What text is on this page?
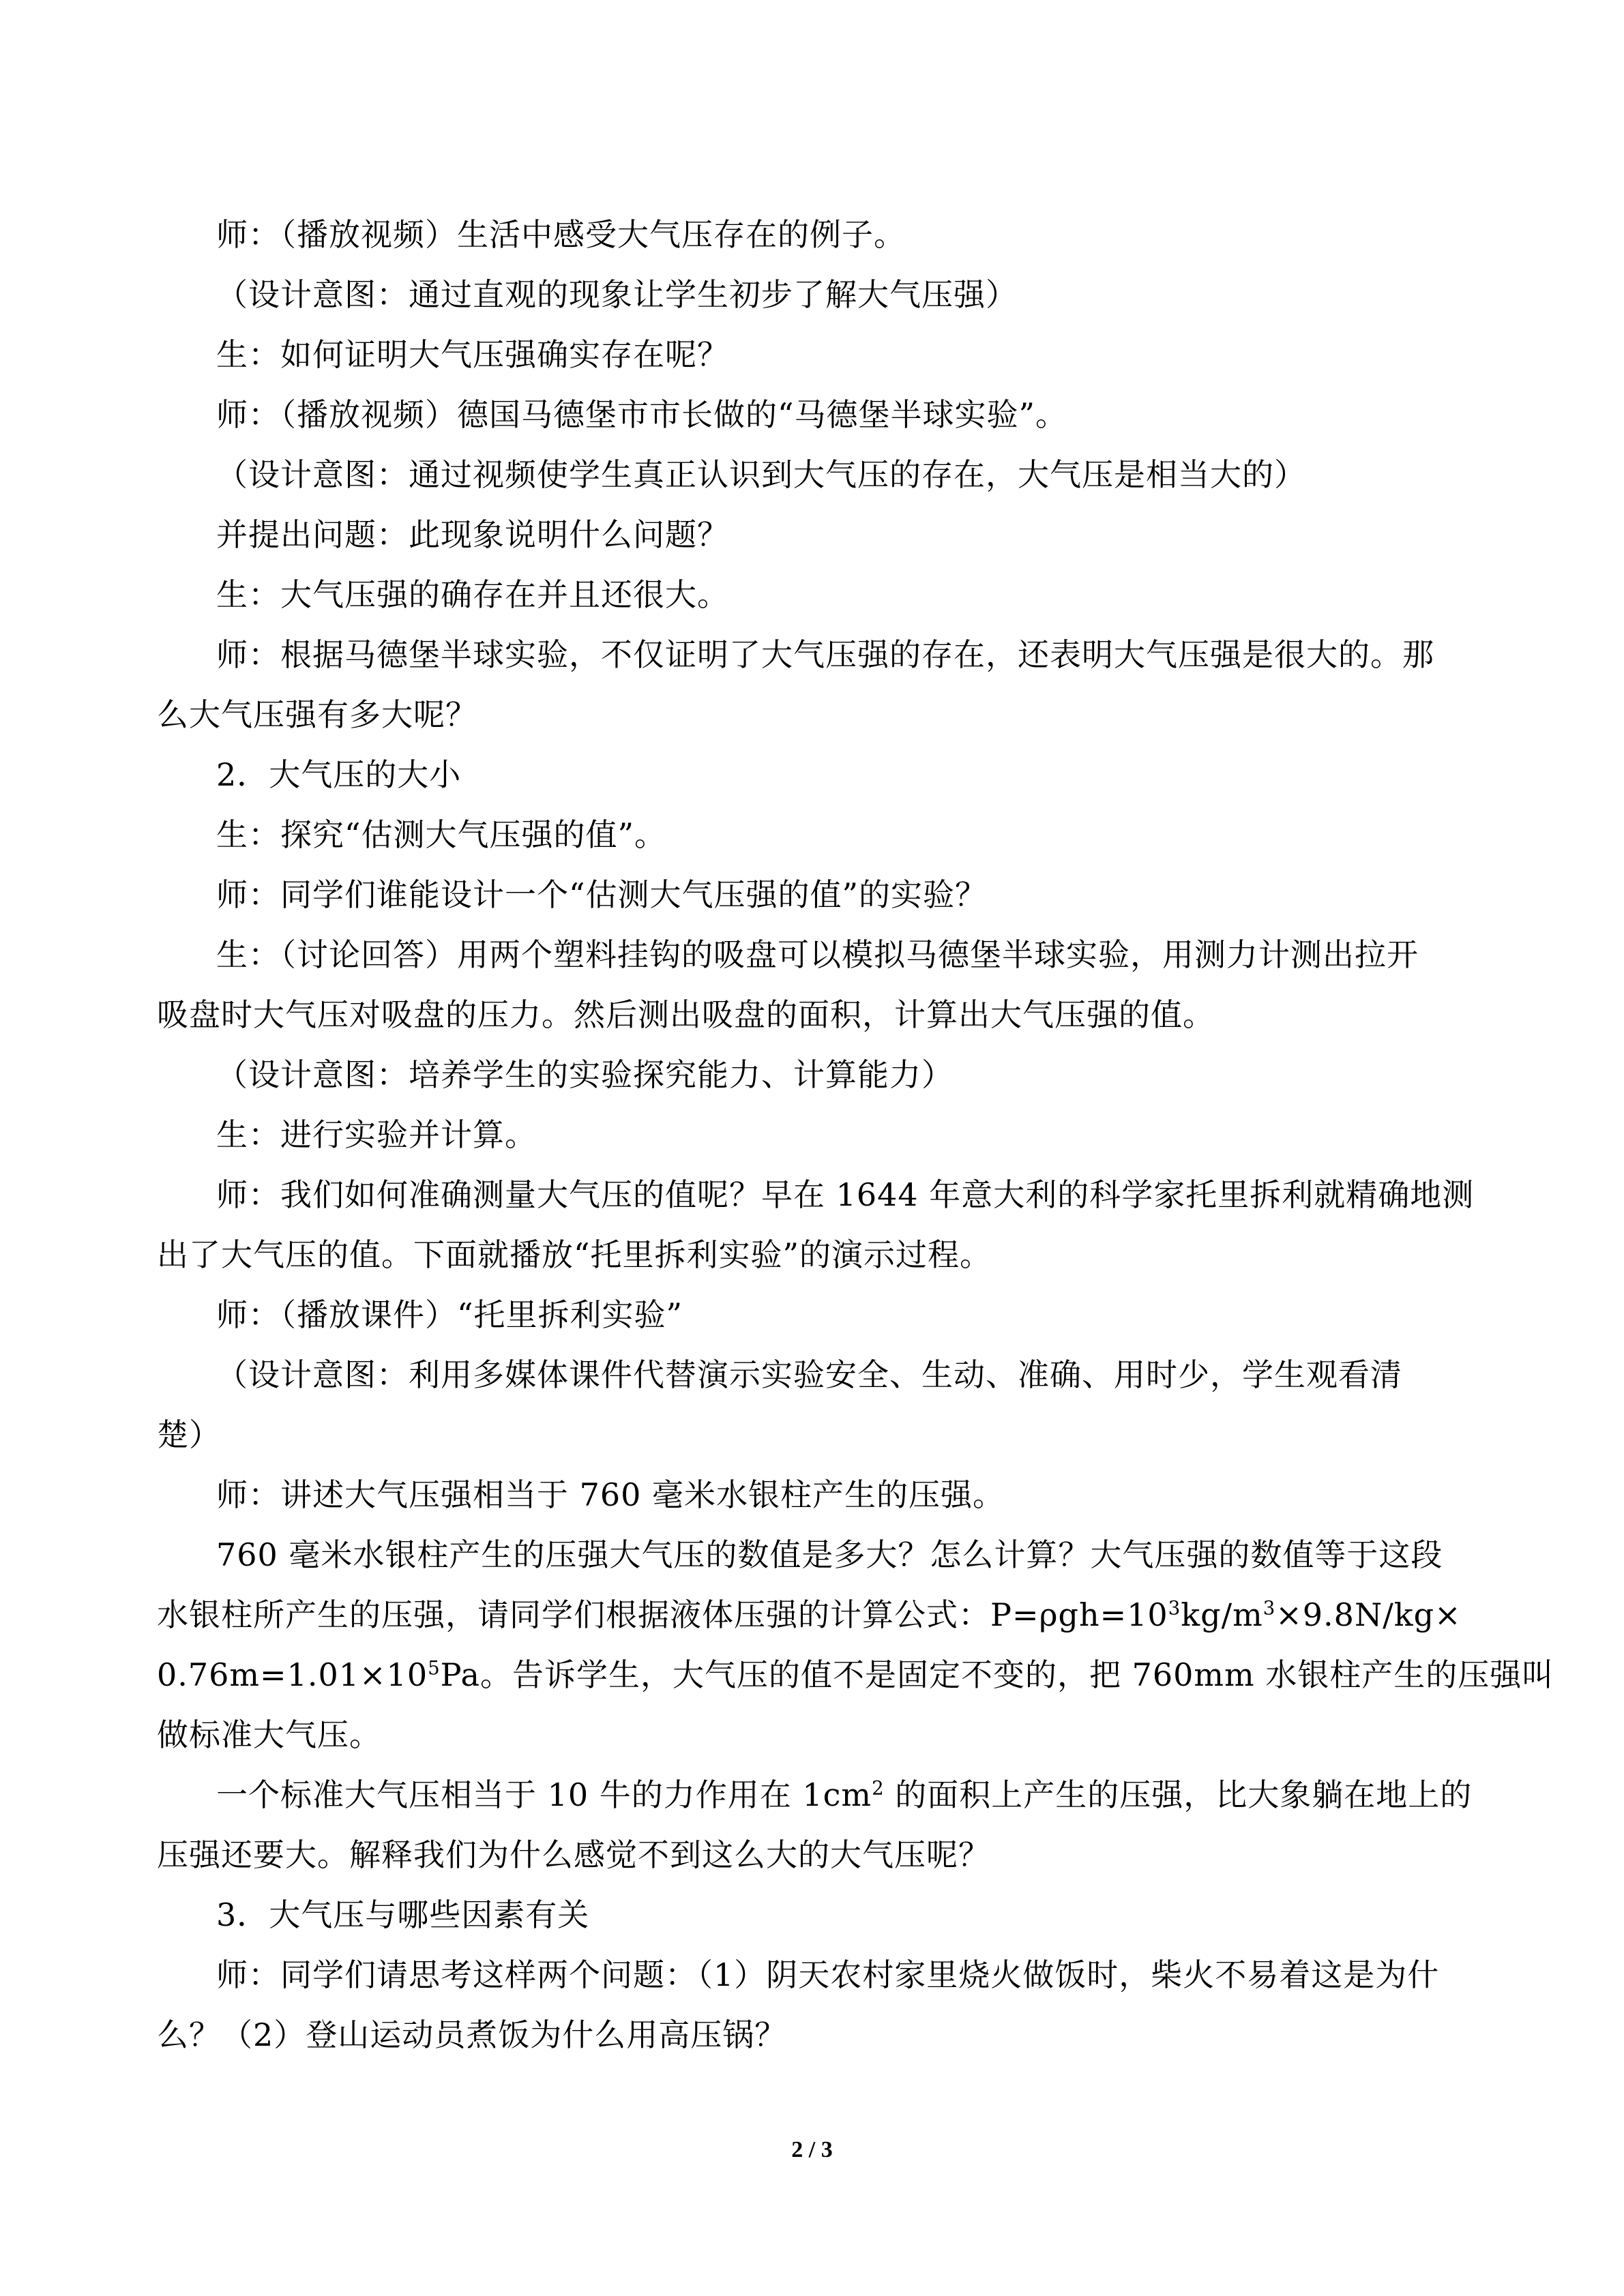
师：（播放视频）生活中感受大气压存在的例子。
（设计意图：通过直观的现象让学生初步了解大气压强）
生：如何证明大气压强确实存在呢？
师：（播放视频）德国马德堡市市长做的“马德堡半球实验”。
（设计意图：通过视频使学生真正认识到大气压的存在，大气压是相当大的）
并提出问题：此现象说明什么问题？
生：大气压强的确存在并且还很大。
师：根据马德堡半球实验，不仅证明了大气压强的存在，还表明大气压强是很大的。那
么大气压强有多大呢？
2．大气压的大小
生：探究“估测大气压强的值”。
师：同学们谁能设计一个“估测大气压强的值”的实验？
生：（讨论回答）用两个塑料挂钩的吸盘可以模拟马德堡半球实验，用测力计测出拉开
吸盘时大气压对吸盘的压力。然后测出吸盘的面积，计算出大气压强的值。
（设计意图：培养学生的实验探究能力、计算能力）
生：进行实验并计算。
师：我们如何准确测量大气压的值呢？早在 1644 年意大利的科学家托里拆利就精确地测
出了大气压的值。下面就播放“托里拆利实验”的演示过程。
师：（播放课件）“托里拆利实验”
（设计意图：利用多媒体课件代替演示实验安全、生动、准确、用时少，学生观看清
楚）
师：讲述大气压强相当于 760 毫米水银柱产生的压强。
760 毫米水银柱产生的压强大气压的数值是多大？怎么计算？大气压强的数值等于这段
水银柱所产生的压强，请同学们根据液体压强的计算公式：$P=\rho gh=10^3kg/m^3\times 9.8N/kg\times$
$0.76m=1.01\times 10^5Pa$。告诉学生，大气压的值不是固定不变的，把 760mm 水银柱产生的压强叫
做标准大气压。
一个标准大气压相当于 10 牛的力作用在 $1cm^2$ 的面积上产生的压强，比大象躺在地上的
压强还要大。解释我们为什么感觉不到这么大的大气压呢？
3．大气压与哪些因素有关
师：同学们请思考这样两个问题：（1）阴天农村家里烧火做饭时，柴火不易着这是为什
么？（2）登山运动员煮饭为什么用高压锅？
2 / 3
